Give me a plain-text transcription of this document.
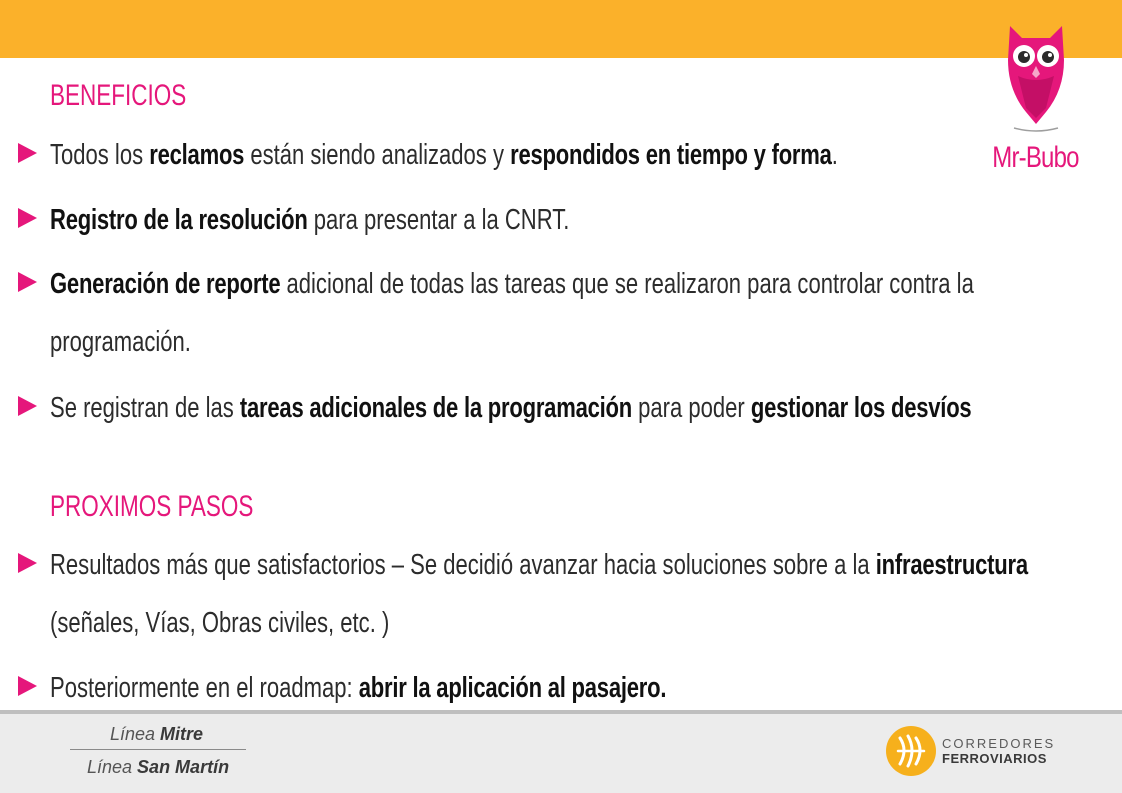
Mr-Bubo
BENEFICIOS
Todos los reclamos están siendo analizados y respondidos en tiempo y forma.
Registro de la resolución para presentar a la CNRT.
Generación de reporte adicional de todas las tareas que se realizaron para controlar contra la
programación.
Se registran de las tareas adicionales de la programación para poder gestionar los desvíos
PROXIMOS PASOS
Resultados más que satisfactorios – Se decidió avanzar hacia soluciones sobre a la infraestructura
(señales, Vías, Obras civiles, etc. )
Posteriormente en el roadmap: abrir la aplicación al pasajero.
Línea Mitre
Línea San Martín
CORREDORES
FERROVIARIOS
